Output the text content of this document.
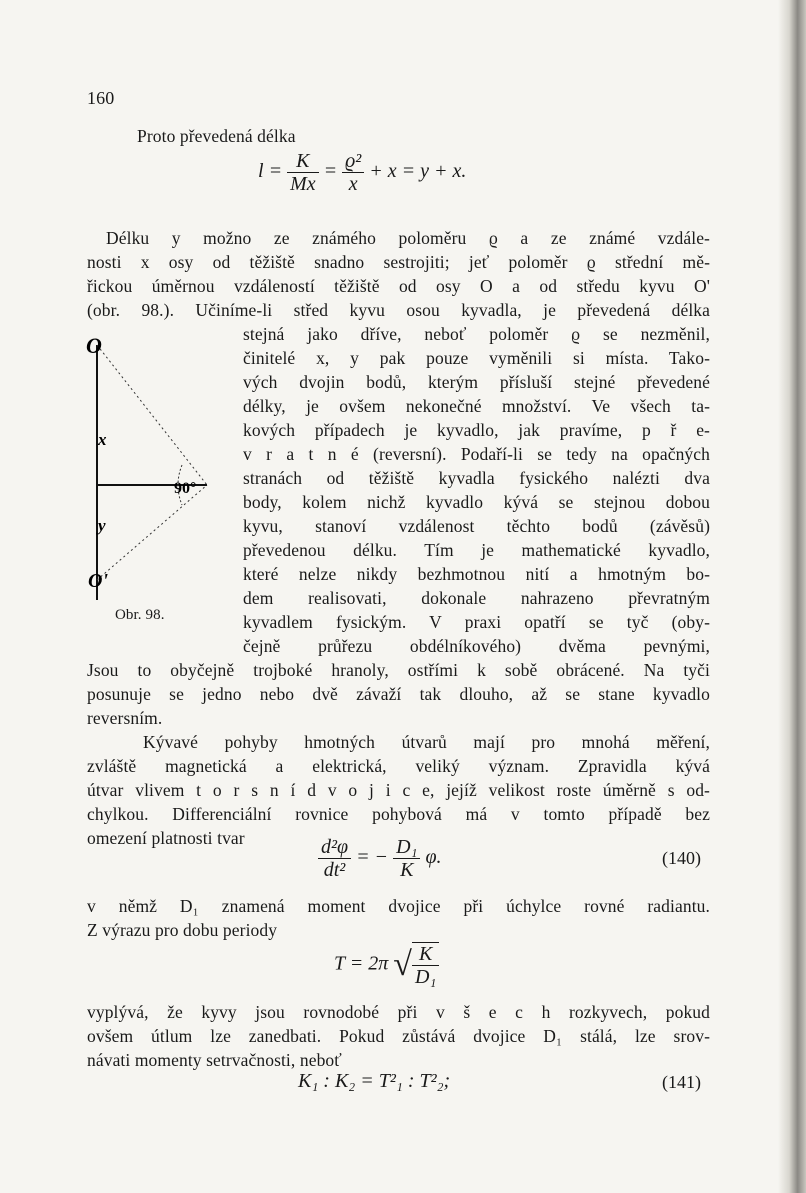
160
Proto převedená délka
$l = \frac{K}{Mx} = \frac{\text{ϱ²}}{x} + x = y + x$.
Délku y možno ze známého poloměru ϱ a ze známé vzdále-
nosti x osy od těžiště snadno sestrojiti; jeť poloměr ϱ střední mě-
řickou úměrnou vzdáleností těžiště od osy O a od středu kyvu O'
(obr. 98.). Učiníme-li střed kyvu osou kyvadla, je převedená délka
stejná jako dříve, neboť poloměr ϱ se nezměnil,
činitelé x, y pak pouze vyměnili si místa. Tako-
vých dvojin bodů, kterým přísluší stejné převedené
délky, je ovšem nekonečné množství. Ve všech ta-
kových případech je kyvadlo, jak pravíme, p ř e-
v r a t n é (reversní). Podaří-li se tedy na opačných
stranách od těžiště kyvadla fysického nalézti dva
body, kolem nichž kyvadlo kývá se stejnou dobou
kyvu, stanoví vzdálenost těchto bodů (závěsů)
převedenou délku. Tím je mathematické kyvadlo,
které nelze nikdy bezhmotnou nití a hmotným bo-
dem realisovati, dokonale nahrazeno převratným
kyvadlem fysickým. V praxi opatří se tyč (oby-
čejně průřezu obdélníkového) dvěma pevnými,
O
x
y
90°
O'
Obr. 98.
Jsou to obyčejně trojboké hranoly, ostřími k sobě obrácené. Na tyči
posunuje se jedno nebo dvě závaží tak dlouho, až se stane kyvadlo
reversním.
Kývavé pohyby hmotných útvarů mají pro mnohá měření,
zvláště magnetická a elektrická, veliký význam. Zpravidla kývá
útvar vlivem t o r s n í d v o j i c e, jejíž velikost roste úměrně s od-
chylkou. Differenciální rovnice pohybová má v tomto případě bez
omezení platnosti tvar	$\frac{\text{d²φ}}{\text{dt²}}$ = − $\frac{\text{D₁}}{K} \varphi$.	(140)
v němž D₁ znamená moment dvojice při úchylce rovné radiantu.
Z výrazu pro dobu periody
T = 2π √ $\frac{K}{\text{D₁}}$
vyplývá, že kyvy jsou rovnodobé při v š e c h rozkyvech, pokud
ovšem útlum lze zanedbati. Pokud zůstává dvojice D₁ stálá, lze srov-
návati momenty setrvačnosti, neboť
K₁ : K₂ = T²₁ : T²₂;	(141)
